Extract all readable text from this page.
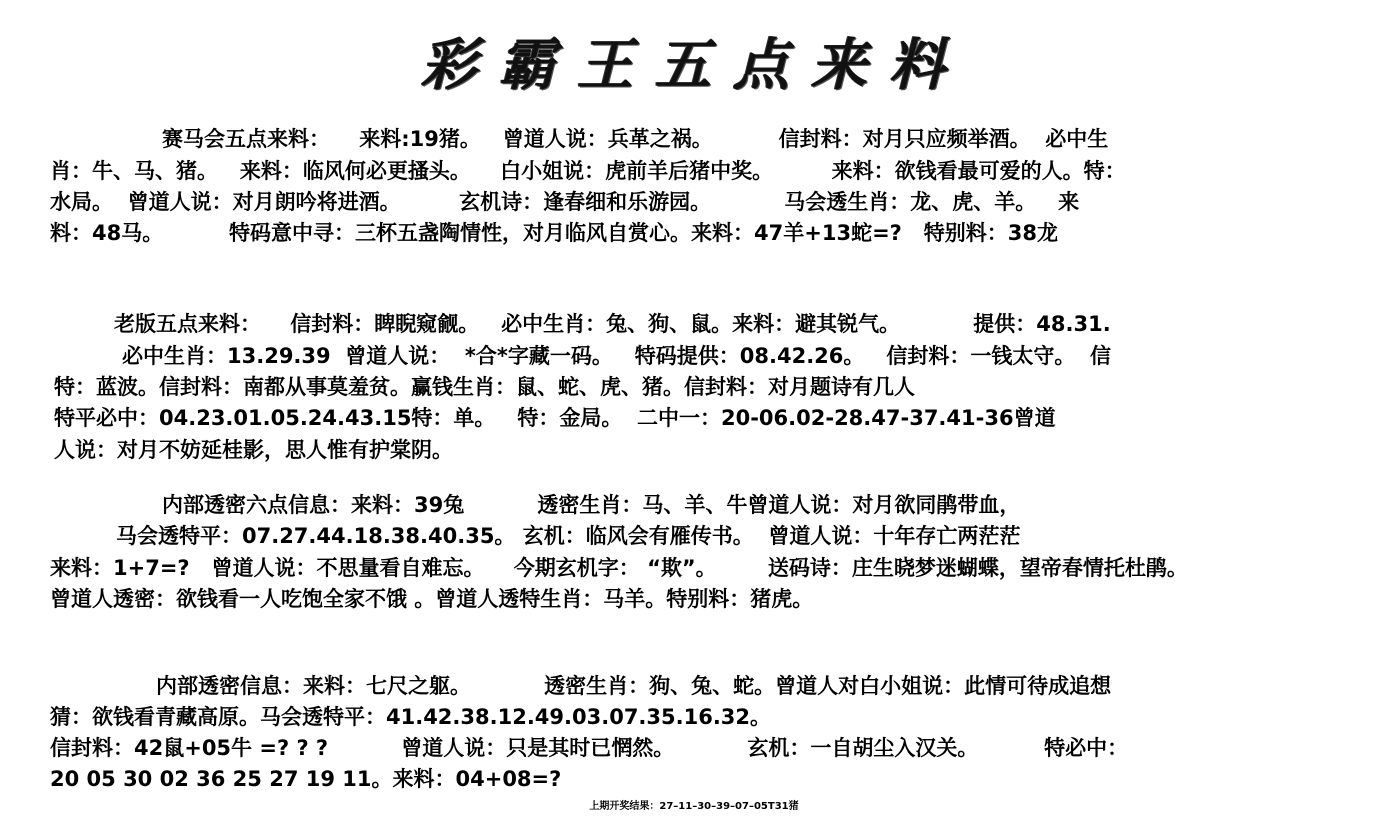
彩霸王五点来料
赛马会五点来料：    来料:19猪。   曾道人说：兵革之祸。         信封料：对月只应频举酒。  必中生
肖：牛、马、猪。   来料：临风何必更搔头。    白小姐说：虎前羊后猪中奖。        来料：欲钱看最可爱的人。特：
水局。  曾道人说：对月朗吟将进酒。        玄机诗：逢春细和乐游园。          马会透生肖：龙、虎、羊。   来
料：48马。         特码意中寻：三杯五盏陶情性，对月临风自赏心。来料：47羊+13蛇=?   特别料：38龙
老版五点来料：    信封料：睥睨窥觎。   必中生肖：兔、狗、鼠。来料：避其锐气。          提供：48.31.
必中生肖：13.29.39  曾道人说：  *合*字藏一码。   特码提供：08.42.26。   信封料：一钱太守。  信
特：蓝波。信封料：南都从事莫羞贫。赢钱生肖：鼠、蛇、虎、猪。信封料：对月题诗有几人
特平必中：04.23.01.05.24.43.15特：单。   特：金局。  二中一：20-06.02-28.47-37.41-36曾道
人说：对月不妨延桂影，思人惟有护棠阴。
内部透密六点信息：来料：39兔          透密生肖：马、羊、牛曾道人说：对月欲同鹃带血，
马会透特平：07.27.44.18.38.40.35。 玄机：临风会有雁传书。  曾道人说：十年存亡两茫茫
来料：1+7=?   曾道人说：不思量看自难忘。    今期玄机字： “欺”。       送码诗：庄生晓梦迷蝴蝶，望帝春情托杜鹃。
曾道人透密：欲钱看一人吃饱全家不饿 。曾道人透特生肖：马羊。特别料：猪虎。
内部透密信息：来料：七尺之躯。          透密生肖：狗、兔、蛇。曾道人对白小姐说：此情可待成追想
猜：欲钱看青藏高原。马会透特平：41.42.38.12.49.03.07.35.16.32。
信封料：42鼠+05牛 =? ? ?          曾道人说：只是其时已惘然。          玄机：一自胡尘入汉关。         特必中：
20 05 30 02 36 25 27 19 11。来料：04+08=?
上期开奖结果：27–11–30–39–07–05T31猪
